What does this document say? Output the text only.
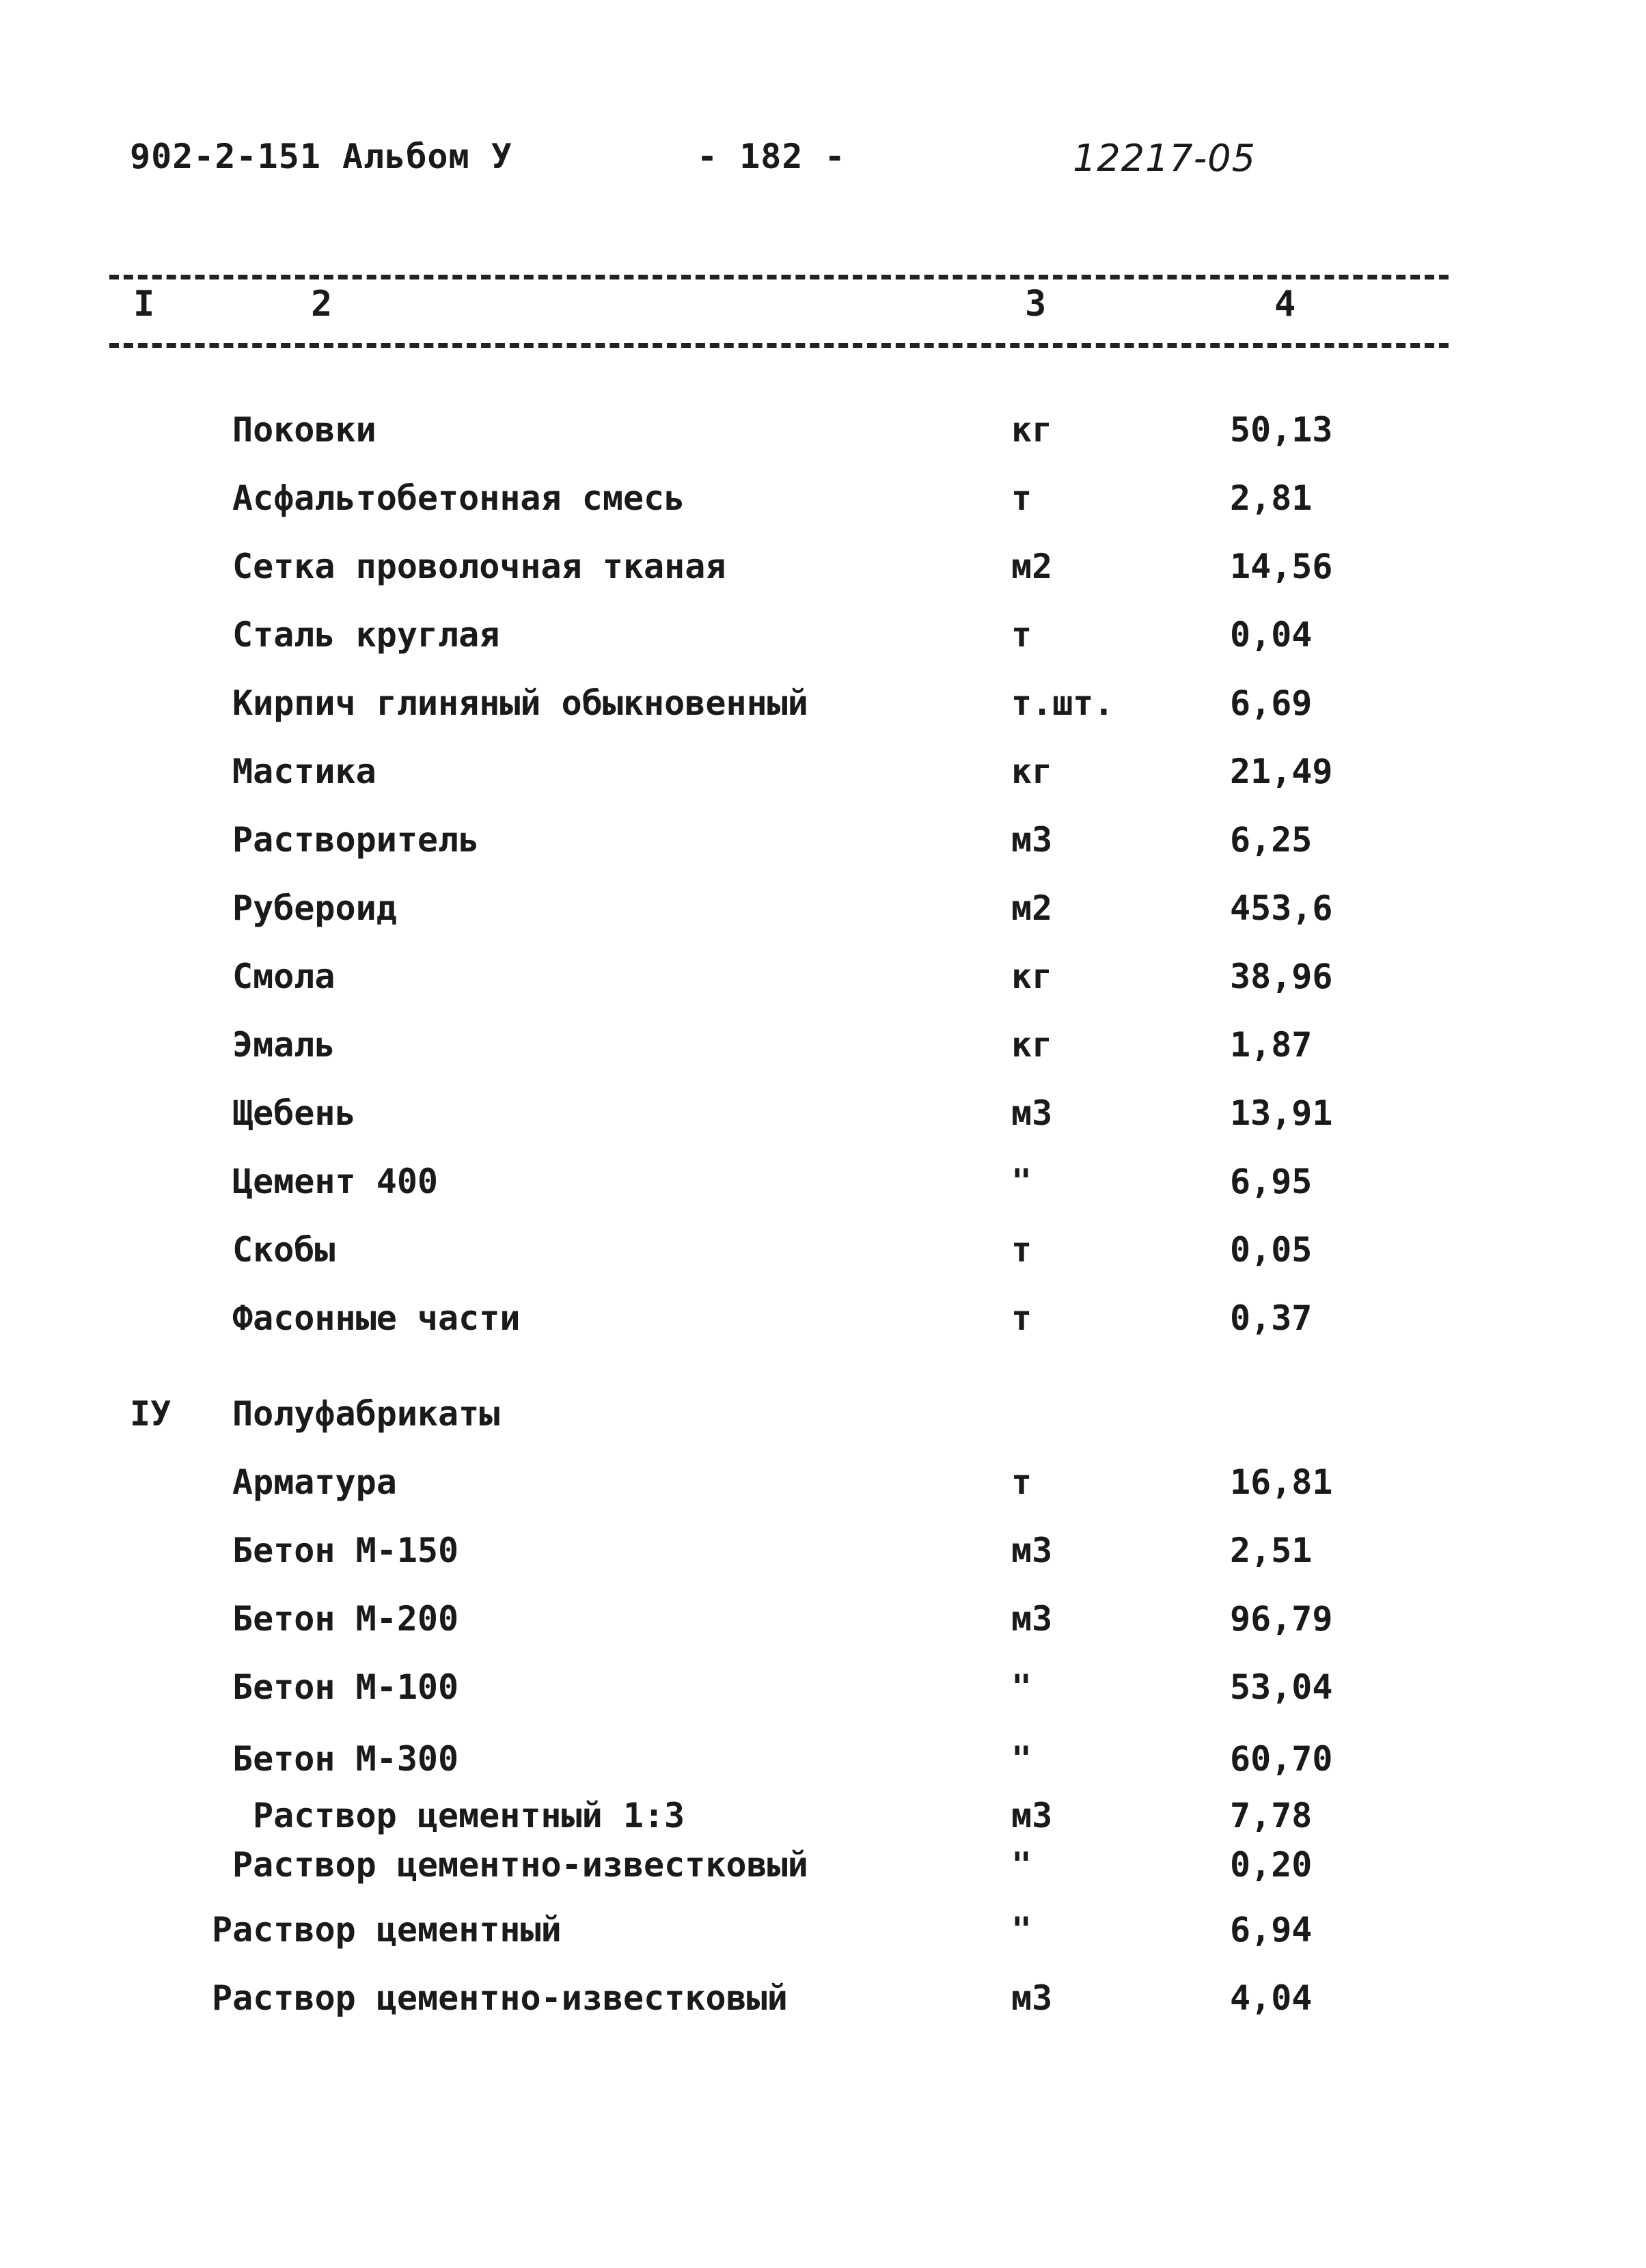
902-2-151 Альбом У	- 182 -	12217-05
I	2	3	4
Поковки	кг	50,13
Асфальтобетонная смесь	т	2,81
Сетка проволочная тканая	м2	14,56
Сталь круглая	т	0,04
Кирпич глиняный обыкновенный	т.шт.	6,69
Мастика	кг	21,49
Растворитель	м3	6,25
Рубероид	м2	453,6
Смола	кг	38,96
Эмаль	кг	1,87
Щебень	м3	13,91
Цемент 400	"	6,95
Скобы	т	0,05
Фасонные части	т	0,37
IУ Полуфабрикаты
Арматура	т	16,81
Бетон М-150	м3	2,51
Бетон М-200	м3	96,79
Бетон М-100	"	53,04
Бетон М-300	"	60,70
Раствор цементный 1:3	м3	7,78
Раствор цементно-известковый	"	0,20
Раствор цементный	"	6,94
Раствор цементно-известковый	м3	4,04
